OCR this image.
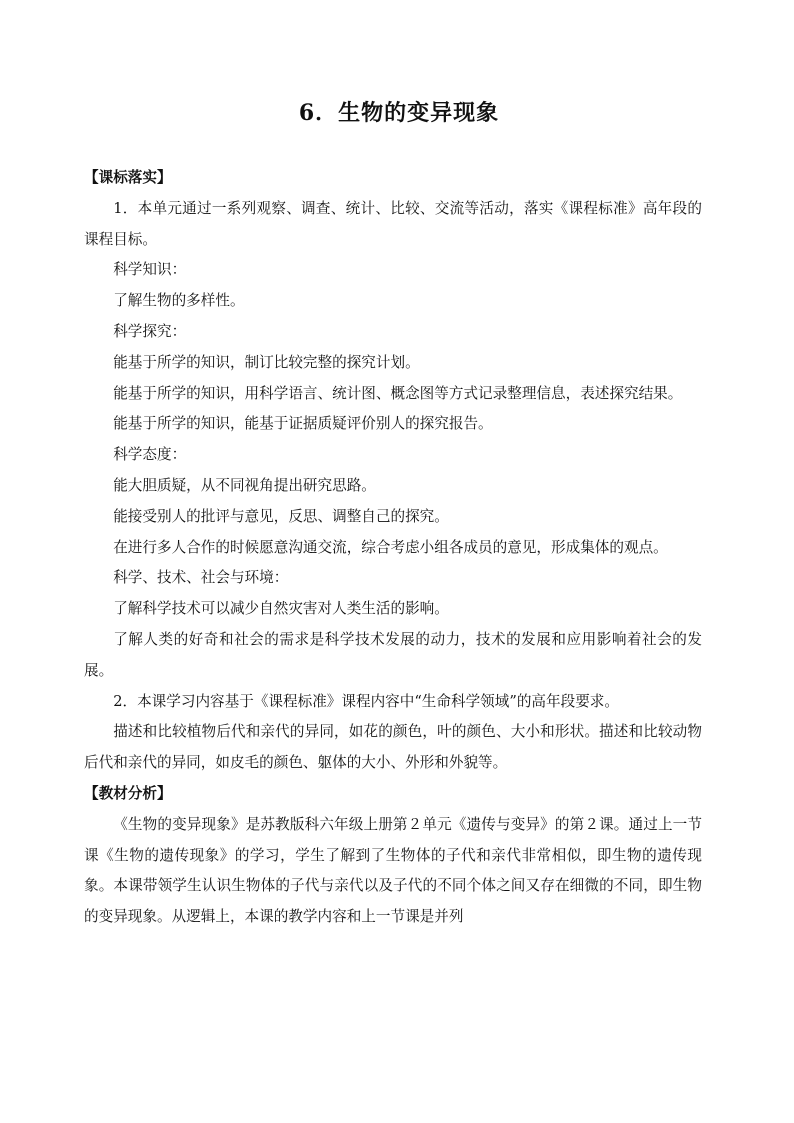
6．生物的变异现象

【课标落实】

1．本单元通过一系列观察、调查、统计、比较、交流等活动，落实《课程标准》高年段的课程目标。

科学知识：

了解生物的多样性。

科学探究：

能基于所学的知识，制订比较完整的探究计划。

能基于所学的知识，用科学语言、统计图、概念图等方式记录整理信息，表述探究结果。

能基于所学的知识，能基于证据质疑评价别人的探究报告。

科学态度：

能大胆质疑，从不同视角提出研究思路。

能接受别人的批评与意见，反思、调整自己的探究。

在进行多人合作的时候愿意沟通交流，综合考虑小组各成员的意见，形成集体的观点。

科学、技术、社会与环境：

了解科学技术可以减少自然灾害对人类生活的影响。

了解人类的好奇和社会的需求是科学技术发展的动力，技术的发展和应用影响着社会的发展。

2．本课学习内容基于《课程标准》课程内容中“生命科学领域”的高年段要求。

描述和比较植物后代和亲代的异同，如花的颜色，叶的颜色、大小和形状。描述和比较动物后代和亲代的异同，如皮毛的颜色、躯体的大小、外形和外貌等。

【教材分析】

《生物的变异现象》是苏教版科六年级上册第２单元《遗传与变异》的第２课。通过上一节课《生物的遗传现象》的学习，学生了解到了生物体的子代和亲代非常相似，即生物的遗传现象。本课带领学生认识生物体的子代与亲代以及子代的不同个体之间又存在细微的不同，即生物的变异现象。从逻辑上，本课的教学内容和上一节课是并列
